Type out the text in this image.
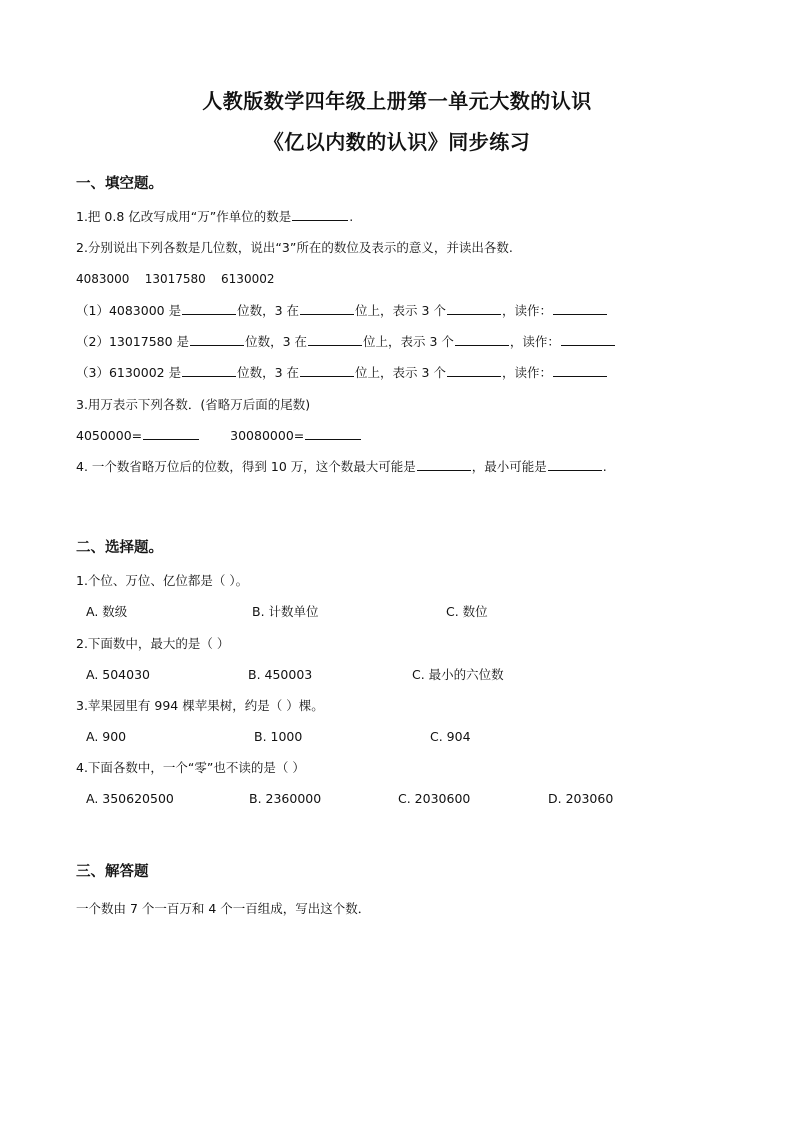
人教版数学四年级上册第一单元大数的认识
《亿以内数的认识》同步练习
一、填空题。
1.把 0.8 亿改写成用“万”作单位的数是	.
2.分别说出下列各数是几位数，说出“3”所在的数位及表示的意义，并读出各数.
4083000    13017580    6130002
（1）4083000 是	位数，3 在	位上，表示 3 个	，读作：
（2）13017580 是	位数，3 在	位上，表示 3 个	，读作：
（3）6130002 是	位数，3 在	位上，表示 3 个	，读作：
3.用万表示下列各数．(省略万后面的尾数)
4050000=	30080000=
4. 一个数省略万位后的位数，得到 10 万，这个数最大可能是	，最小可能是	.
二、选择题。
1.个位、万位、亿位都是（ ）。
A. 数级	B. 计数单位	C. 数位
2.下面数中，最大的是（ ）
A. 504030	B. 450003	C. 最小的六位数
3.苹果园里有 994 棵苹果树，约是（ ）棵。
A. 900	B. 1000	C. 904
4.下面各数中，一个“零”也不读的是（ ）
A. 350620500	B. 2360000	C. 2030600	D. 203060
三、解答题
一个数由 7 个一百万和 4 个一百组成，写出这个数．
